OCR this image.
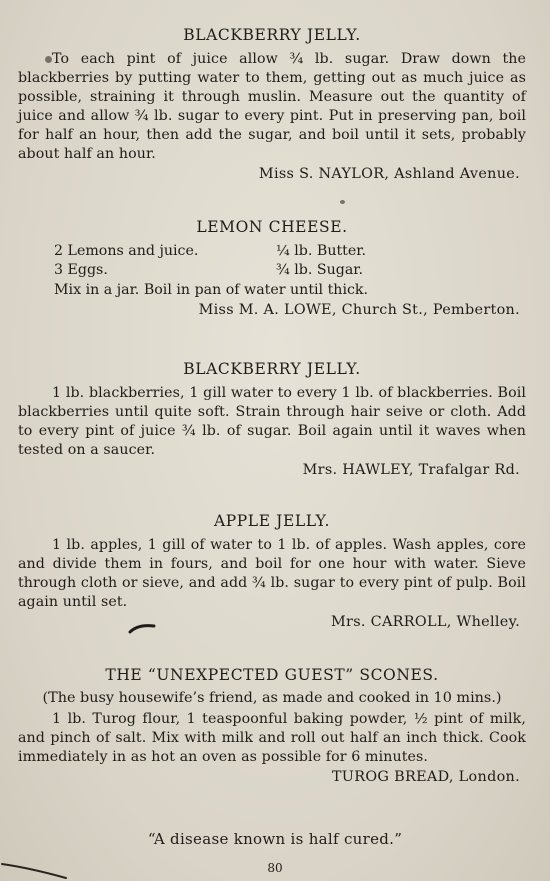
BLACKBERRY JELLY.

To each pint of juice allow ¾ lb. sugar. Draw down the blackberries by putting water to them, getting out as much juice as possible, straining it through muslin. Measure out the quantity of juice and allow ¾ lb. sugar to every pint. Put in preserving pan, boil for half an hour, then add the sugar, and boil until it sets, probably about half an hour.

Miss S. NAYLOR, Ashland Avenue.
LEMON CHEESE.
2 Lemons and juice.	¼ lb. Butter.
3 Eggs.	¾ lb. Sugar.

Mix in a jar. Boil in pan of water until thick.

Miss M. A. LOWE, Church St., Pemberton.
BLACKBERRY JELLY.

1 lb. blackberries, 1 gill water to every 1 lb. of blackberries. Boil blackberries until quite soft. Strain through hair seive or cloth. Add to every pint of juice ¾ lb. of sugar. Boil again until it waves when tested on a saucer.

Mrs. HAWLEY, Trafalgar Rd.
APPLE JELLY.

1 lb. apples, 1 gill of water to 1 lb. of apples. Wash apples, core and divide them in fours, and boil for one hour with water. Sieve through cloth or sieve, and add ¾ lb. sugar to every pint of pulp. Boil again until set.

Mrs. CARROLL, Whelley.
THE “UNEXPECTED GUEST” SCONES.
(The busy housewife’s friend, as made and cooked in 10 mins.)

1 lb. Turog flour, 1 teaspoonful baking powder, ½ pint of milk, and pinch of salt. Mix with milk and roll out half an inch thick. Cook immediately in as hot an oven as possible for 6 minutes.

TUROG BREAD, London.
“A disease known is half cured.”
80
